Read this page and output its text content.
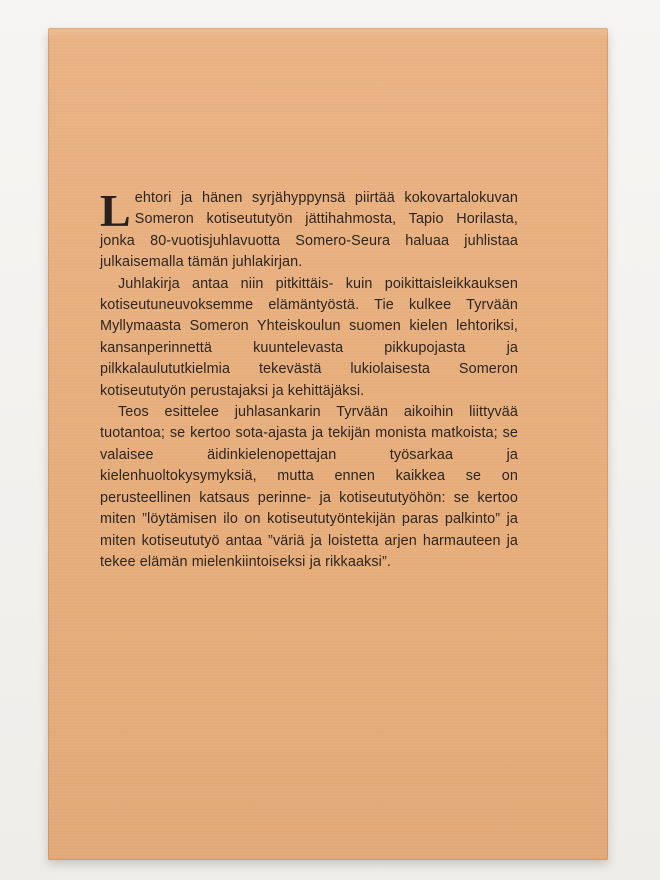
Lehtori ja hänen syrjähyppynsä piirtää kokovartalokuvan Someron kotiseututyön jättihahmosta, Tapio Horilasta, jonka 80-vuotisjuhlavuotta Somero-Seura haluaa juhlistaa julkaisemalla tämän juhlakirjan.

Juhlakirja antaa niin pitkittäis- kuin poikittaisleikkauksen kotiseutuneuvoksemme elämäntyöstä. Tie kulkee Tyrvään Myllymaasta Someron Yhteiskoulun suomen kielen lehtoriksi, kansanperinnettä kuuntelevasta pikkupojasta ja pilkkalaulututkielmia tekevästä lukiolaisesta Someron kotiseututyön perustajaksi ja kehittäjäksi.

Teos esittelee juhlasankarin Tyrvään aikoihin liittyvää tuotantoa; se kertoo sota-ajasta ja tekijän monista matkoista; se valaisee äidinkielenopettajan työsarkaa ja kielenhuoltokysymyksiä, mutta ennen kaikkea se on perusteellinen katsaus perinne- ja kotiseututyöhön: se kertoo miten ”löytämisen ilo on kotiseututyöntekijän paras palkinto” ja miten kotiseututyö antaa ”väriä ja loistetta arjen harmauteen ja tekee elämän mielenkiintoiseksi ja rikkaaksi”.
